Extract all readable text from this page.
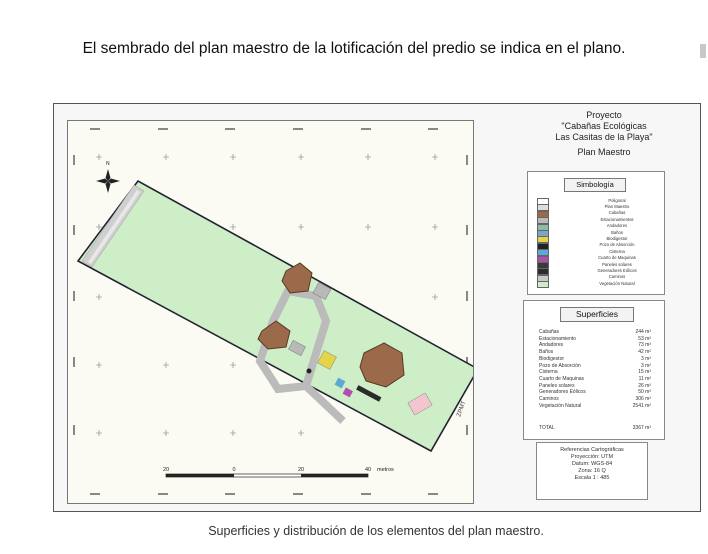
El sembrado del plan maestro de la lotificación del predio se indica en el plano.
ZPMT
N
20	0	20	40 metros
Proyecto
"Cabañas Ecológicas
Las Casitas de la Playa"
Plan Maestro
Simbología
Poligonal
Plan Maestro
Cabañas
Estacionamientos
Andadores
Baños
Biodigestor
Pozo de Absorción
Cisterna
Cuarto de Maquinas
Paneles solares
Generadores Eólicos
Caminos
Vegetación Natural
Superficies
Cabañas	244 m²
Estacionamiento	53 m²
Andadores	73 m²
Baños	42 m²
Biodigestor	3 m²
Pozo de Absorción	3 m²
Cisterna	15 m²
Cuarto de Maquinas	11 m²
Paneles solares	26 m²
Generadores Eólicos	50 m²
Caminos	306 m²
Vegetación Natural	2541 m²
TOTAL	3367 m²
Referencias Cartográficas
Proyección: UTM
Datum: WGS-84
Zona: 16 Q
Escala 1 : 485
Superficies y distribución de los elementos del plan maestro.
